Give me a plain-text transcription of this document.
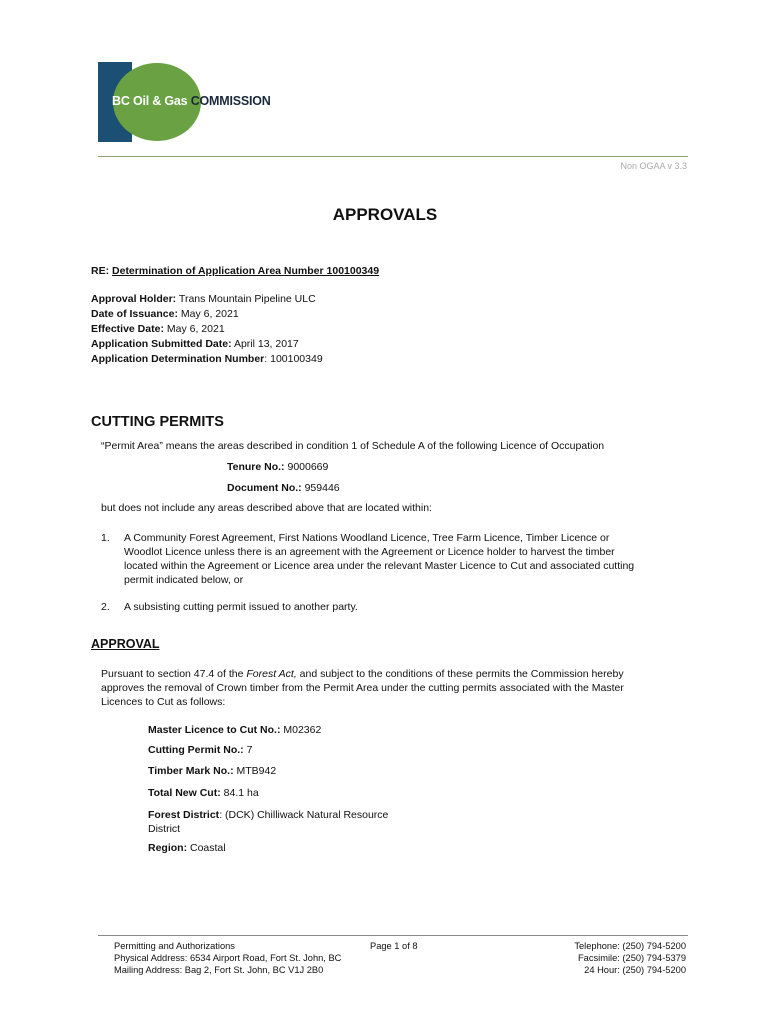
BC Oil & Gas COMMISSION
Non OGAA v 3.3
APPROVALS
RE: Determination of Application Area Number 100100349
Approval Holder: Trans Mountain Pipeline ULC
Date of Issuance: May 6, 2021
Effective Date: May 6, 2021
Application Submitted Date: April 13, 2017
Application Determination Number: 100100349
CUTTING PERMITS
“Permit Area” means the areas described in condition 1 of Schedule A of the following Licence of Occupation
Tenure No.: 9000669
Document No.: 959446
but does not include any areas described above that are located within:
1. A Community Forest Agreement, First Nations Woodland Licence, Tree Farm Licence, Timber Licence or
Woodlot Licence unless there is an agreement with the Agreement or Licence holder to harvest the timber
located within the Agreement or Licence area under the relevant Master Licence to Cut and associated cutting
permit indicated below, or
2. A subsisting cutting permit issued to another party.
APPROVAL
Pursuant to section 47.4 of the Forest Act, and subject to the conditions of these permits the Commission hereby
approves the removal of Crown timber from the Permit Area under the cutting permits associated with the Master
Licences to Cut as follows:
Master Licence to Cut No.: M02362
Cutting Permit No.: 7
Timber Mark No.: MTB942
Total New Cut: 84.1 ha
Forest District: (DCK) Chilliwack Natural Resource
District
Region: Coastal
Permitting and Authorizations
Physical Address: 6534 Airport Road, Fort St. John, BC
Mailing Address: Bag 2, Fort St. John, BC V1J 2B0
Page 1 of 8	Telephone: (250) 794-5200
Facsimile: (250) 794-5379
24 Hour: (250) 794-5200
